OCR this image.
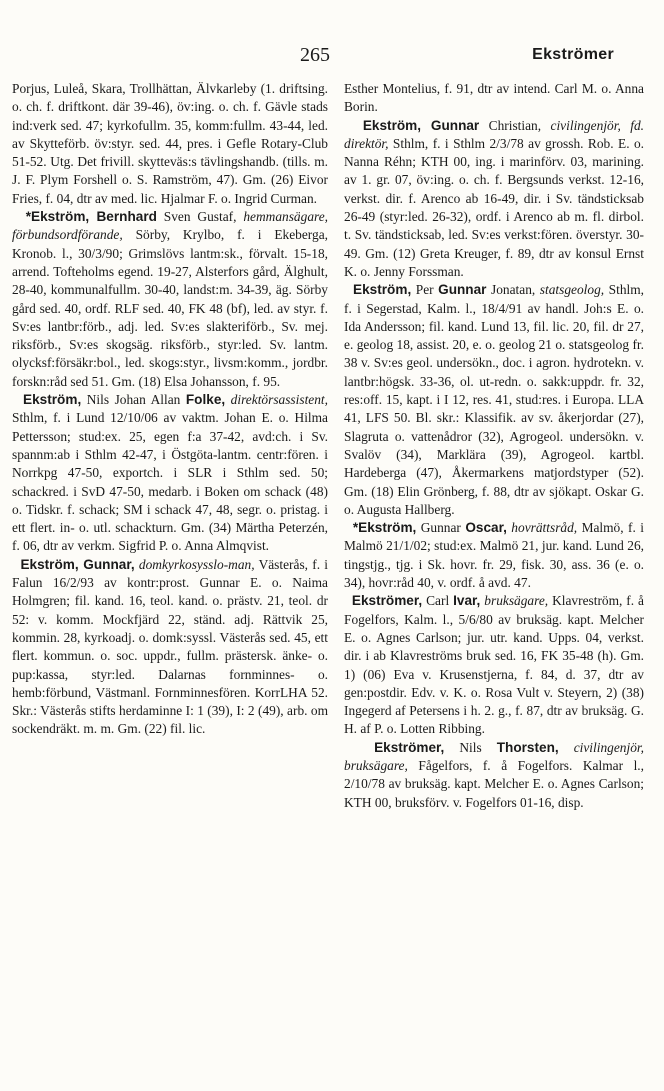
265	Ekströmer

Porjus, Luleå, Skara, Trollhättan, Älvkarleby (1. driftsing. o. ch. f. driftkont. där 39-46), öv:ing. o. ch. f. Gävle stads ind:verk sed. 47; kyrkofullm. 35, komm:fullm. 43-44, led. av Skytteförb. öv:styr. sed. 44, pres. i Gefle Rotary-Club 51-52. Utg. Det frivill. skytteväs:s tävlingshandb. (tills. m. J. F. Plym Forshell o. S. Ramström, 47). Gm. (26) Eivor Fries, f. 04, dtr av med. lic. Hjalmar F. o. Ingrid Curman.

*Ekström, Bernhard Sven Gustaf, hemmansägare, förbundsordförande, Sörby, Krylbo, f. i Ekeberga, Kronob. l., 30/3/90; Grimslövs lantm:sk., förvalt. 15-18, arrend. Tofteholms egend. 19-27, Alsterfors gård, Älghult, 28-40, kommunalfullm. 30-40, landst:m. 34-39, äg. Sörby gård sed. 40, ordf. RLF sed. 40, FK 48 (bf), led. av styr. f. Sv:es lantbr:förb., adj. led. Sv:es slakteriförb., Sv. mej. riksförb., Sv:es skogsäg. riksförb., styr:led. Sv. lantm. olycksf:försäkr:bol., led. skogs:styr., livsm:komm., jordbr. forskn:råd sed 51. Gm. (18) Elsa Johansson, f. 95.

Ekström, Nils Johan Allan Folke, direktörsassistent, Sthlm, f. i Lund 12/10/06 av vaktm. Johan E. o. Hilma Pettersson; stud:ex. 25, egen f:a 37-42, avd:ch. i Sv. spannm:ab i Sthlm 42-47, i Östgöta-lantm. centr:fören. i Norrkpg 47-50, exportch. i SLR i Sthlm sed. 50; schackred. i SvD 47-50, medarb. i Boken om schack (48) o. Tidskr. f. schack; SM i schack 47, 48, segr. o. pristag. i ett flert. in- o. utl. schackturn. Gm. (34) Märtha Peterzén, f. 06, dtr av verkm. Sigfrid P. o. Anna Almqvist.

Ekström, Gunnar, domkyrkosysslo-man, Västerås, f. i Falun 16/2/93 av kontr:prost. Gunnar E. o. Naima Holmgren; fil. kand. 16, teol. kand. o. prästv. 21, teol. dr 52: v. komm. Mockfjärd 22, ständ. adj. Rättvik 25, kommin. 28, kyrkoadj. o. domk:syssl. Västerås sed. 45, ett flert. kommun. o. soc. uppdr., fullm. prästersk. änke- o. pup:kassa, styr:led. Dalarnas fornminnes- o. hemb:förbund, Västmanl. Fornminnesfören. KorrLHA 52. Skr.: Västerås stifts herdaminne I: 1 (39), I: 2 (49), arb. om sockendräkt. m. m. Gm. (22) fil. lic.

Esther Montelius, f. 91, dtr av intend. Carl M. o. Anna Borin.

Ekström, Gunnar Christian, civilingenjör, fd. direktör, Sthlm, f. i Sthlm 2/3/78 av grossh. Rob. E. o. Nanna Réhn; KTH 00, ing. i marinförv. 03, marining. av 1. gr. 07, öv:ing. o. ch. f. Bergsunds verkst. 12-16, verkst. dir. f. Arenco ab 16-49, dir. i Sv. tändsticksab 26-49 (styr:led. 26-32), ordf. i Arenco ab m. fl. dirbol. t. Sv. tändsticksab, led. Sv:es verkst:fören. överstyr. 30-49. Gm. (12) Greta Kreuger, f. 89, dtr av konsul Ernst K. o. Jenny Forssman.

Ekström, Per Gunnar Jonatan, statsgeolog, Sthlm, f. i Segerstad, Kalm. l., 18/4/91 av handl. Joh:s E. o. Ida Andersson; fil. kand. Lund 13, fil. lic. 20, fil. dr 27, e. geolog 18, assist. 20, e. o. geolog 21 o. statsgeolog fr. 38 v. Sv:es geol. undersökn., doc. i agron. hydrotekn. v. lantbr:högsk. 33-36, ol. ut-redn. o. sakk:uppdr. fr. 32, res:off. 15, kapt. i I 12, res. 41, stud:res. i Europa. LLA 41, LFS 50. Bl. skr.: Klassifik. av sv. åkerjordar (27), Slagruta o. vattenådror (32), Agrogeol. undersökn. v. Svalöv (34), Marklära (39), Agrogeol. kartbl. Hardeberga (47), Åkermarkens matjordstyper (52). Gm. (18) Elin Grönberg, f. 88, dtr av sjökapt. Oskar G. o. Augusta Hallberg.

*Ekström, Gunnar Oscar, hovrättsråd, Malmö, f. i Malmö 21/1/02; stud:ex. Malmö 21, jur. kand. Lund 26, tingstjg., tjg. i Sk. hovr. fr. 29, fisk. 30, ass. 36 (e. o. 34), hovr:råd 40, v. ordf. å avd. 47.

Ekströmer, Carl Ivar, bruksägare, Klavreström, f. å Fogelfors, Kalm. l., 5/6/80 av bruksäg. kapt. Melcher E. o. Agnes Carlson; jur. utr. kand. Upps. 04, verkst. dir. i ab Klavreströms bruk sed. 16, FK 35-48 (h). Gm. 1) (06) Eva v. Krusenstjerna, f. 84, d. 37, dtr av gen:postdir. Edv. v. K. o. Rosa Vult v. Steyern, 2) (38) Ingegerd af Petersens i h. 2. g., f. 87, dtr av bruksäg. G. H. af P. o. Lotten Ribbing.

Ekströmer, Nils Thorsten, civilingenjör, bruksägare, Fågelfors, f. å Fogelfors. Kalmar l., 2/10/78 av bruksäg. kapt. Melcher E. o. Agnes Carlson; KTH 00, bruksförv. v. Fogelfors 01-16, disp.
